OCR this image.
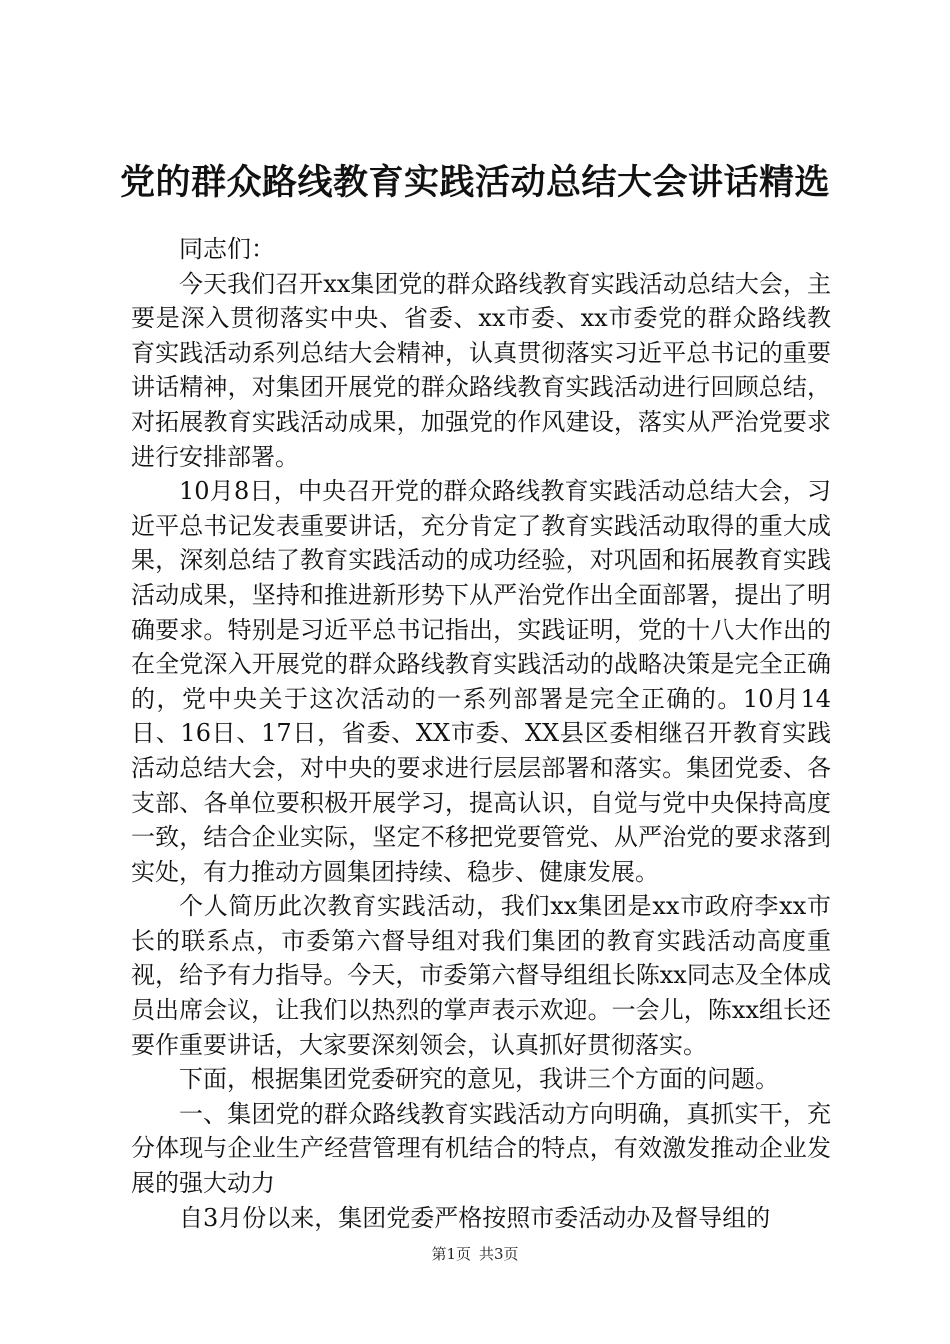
党的群众路线教育实践活动总结大会讲话精选

同志们：

今天我们召开xx集团党的群众路线教育实践活动总结大会，主要是深入贯彻落实中央、省委、xx市委、xx市委党的群众路线教育实践活动系列总结大会精神，认真贯彻落实习近平总书记的重要讲话精神，对集团开展党的群众路线教育实践活动进行回顾总结，对拓展教育实践活动成果，加强党的作风建设，落实从严治党要求进行安排部署。

10月8日，中央召开党的群众路线教育实践活动总结大会，习近平总书记发表重要讲话，充分肯定了教育实践活动取得的重大成果，深刻总结了教育实践活动的成功经验，对巩固和拓展教育实践活动成果，坚持和推进新形势下从严治党作出全面部署，提出了明确要求。特别是习近平总书记指出，实践证明，党的十八大作出的在全党深入开展党的群众路线教育实践活动的战略决策是完全正确的，党中央关于这次活动的一系列部署是完全正确的。10月14日、16日、17日，省委、XX市委、XX县区委相继召开教育实践活动总结大会，对中央的要求进行层层部署和落实。集团党委、各支部、各单位要积极开展学习，提高认识，自觉与党中央保持高度一致，结合企业实际，坚定不移把党要管党、从严治党的要求落到实处，有力推动方圆集团持续、稳步、健康发展。

个人简历此次教育实践活动，我们xx集团是xx市政府李xx市长的联系点，市委第六督导组对我们集团的教育实践活动高度重视，给予有力指导。今天，市委第六督导组组长陈xx同志及全体成员出席会议，让我们以热烈的掌声表示欢迎。一会儿，陈xx组长还要作重要讲话，大家要深刻领会，认真抓好贯彻落实。

下面，根据集团党委研究的意见，我讲三个方面的问题。

一、集团党的群众路线教育实践活动方向明确，真抓实干，充分体现与企业生产经营管理有机结合的特点，有效激发推动企业发展的强大动力

自3月份以来，集团党委严格按照市委活动办及督导组的

第1页 共3页
